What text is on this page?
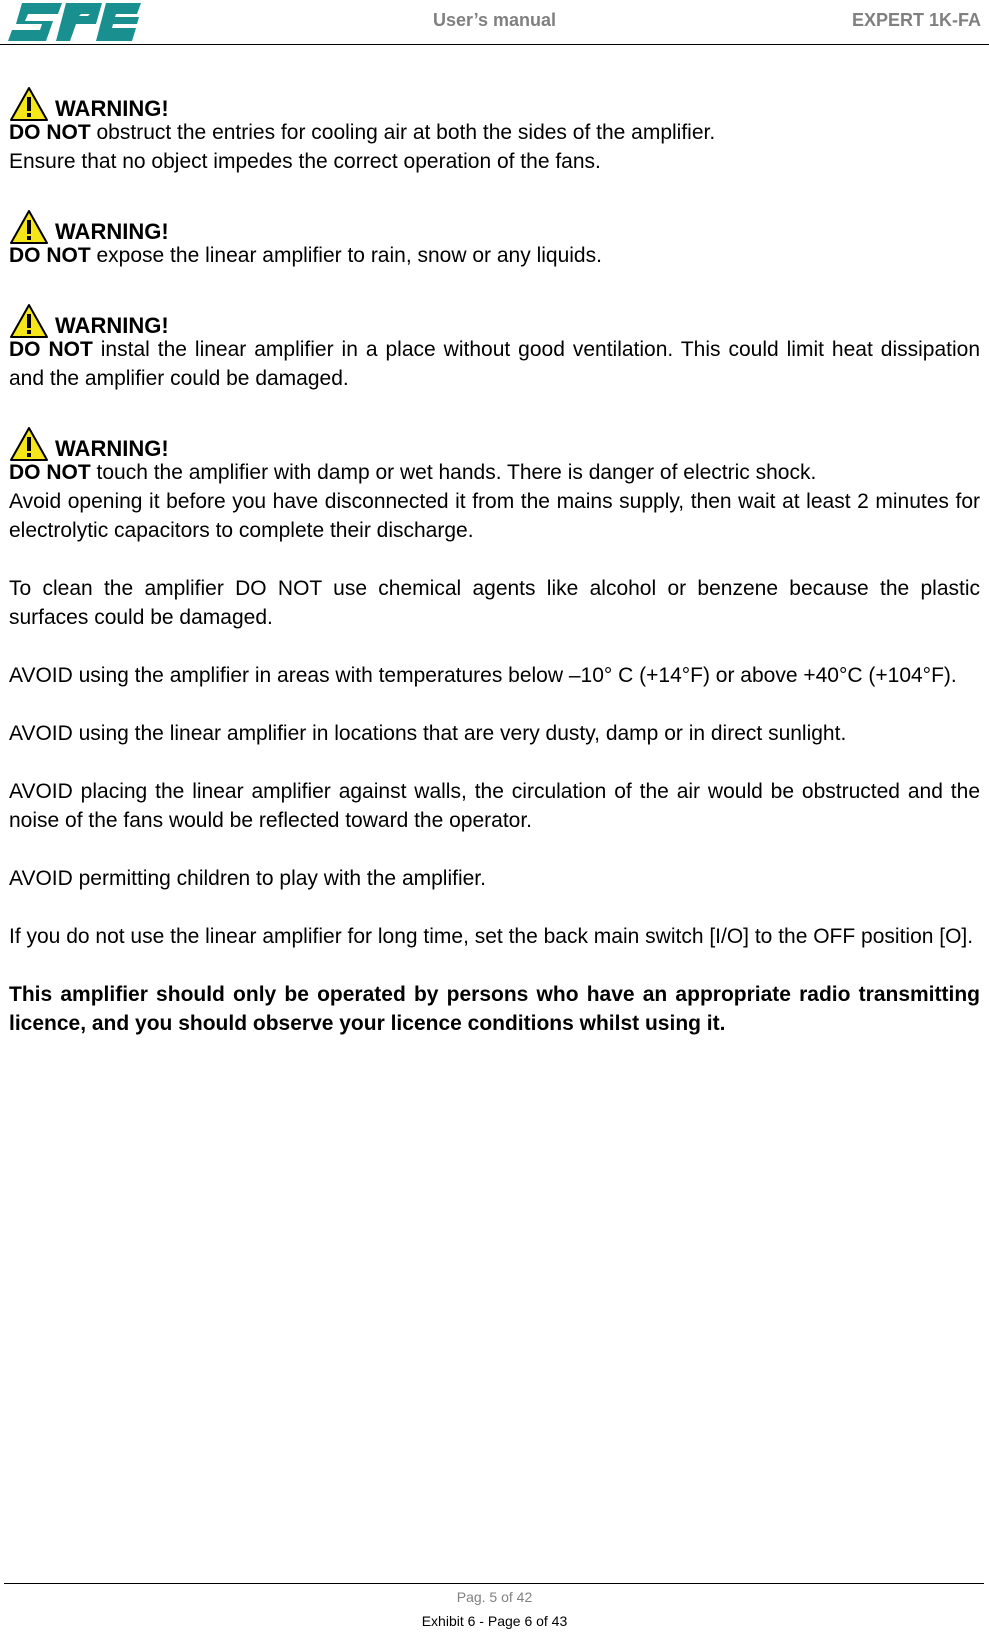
User’s manual	EXPERT 1K-FA
WARNING!
DO NOT obstruct the entries for cooling air at both the sides of the amplifier.
Ensure that no object impedes the correct operation of the fans.
WARNING!
DO NOT expose the linear amplifier to rain, snow or any liquids.
WARNING!
DO NOT instal the linear amplifier in a place without good ventilation. This could limit heat dissipation and the amplifier could be damaged.
WARNING!
DO NOT touch the amplifier with damp or wet hands. There is danger of electric shock.
Avoid opening it before you have disconnected it from the mains supply, then wait at least 2 minutes for electrolytic capacitors to complete their discharge.
To clean the amplifier DO NOT use chemical agents like alcohol or benzene because the plastic surfaces could be damaged.
AVOID using the amplifier in areas with temperatures below –10° C (+14°F) or above +40°C (+104°F).
AVOID using the linear amplifier in locations that are very dusty, damp or in direct sunlight.
AVOID placing the linear amplifier against walls, the circulation of the air would be obstructed and the noise of the fans would be reflected toward the operator.
AVOID permitting children to play with the amplifier.
If you do not use the linear amplifier for long time, set the back main switch [I/O] to the OFF position [O].
This amplifier should only be operated by persons who have an appropriate radio transmitting licence, and you should observe your licence conditions whilst using it.
Pag. 5 of 42
Exhibit 6 - Page 6 of 43
